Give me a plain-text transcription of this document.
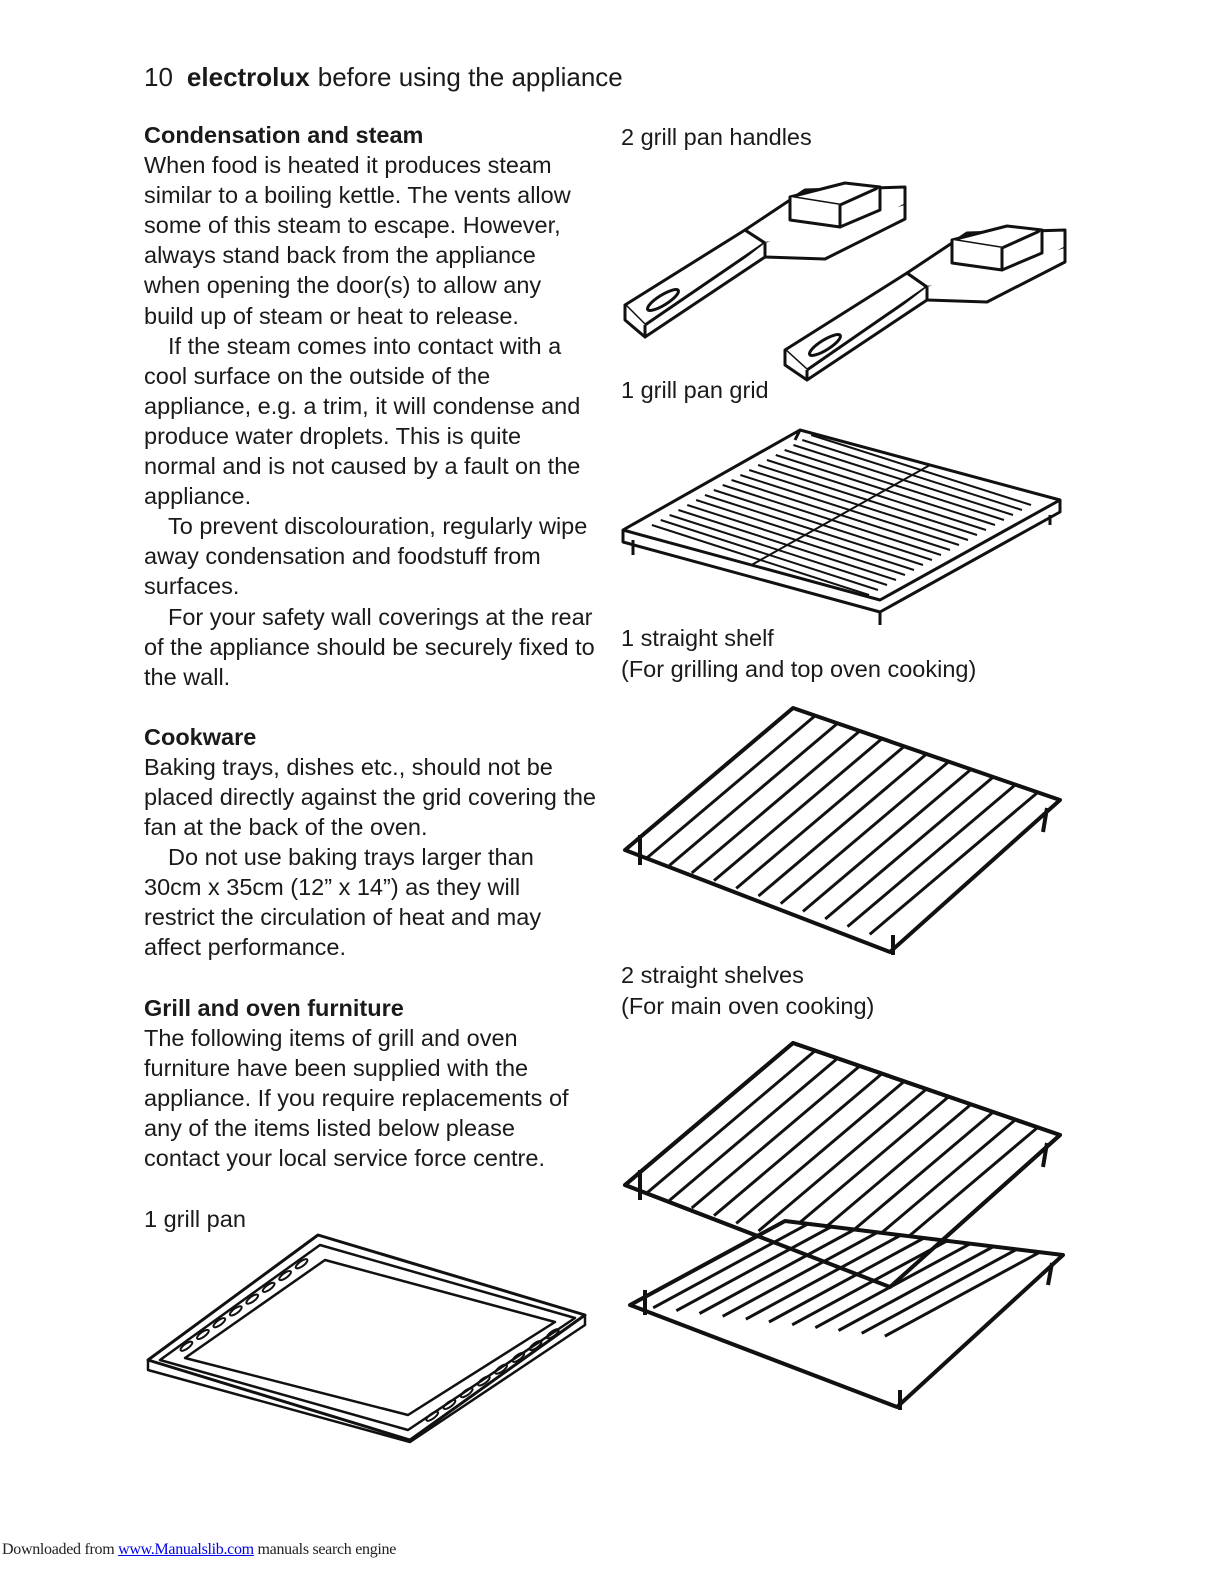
10 electrolux before using the appliance
Condensation and steam

When food is heated it produces steam similar to a boiling kettle. The vents allow some of this steam to escape. However, always stand back from the appliance when opening the door(s) to allow any build up of steam or heat to release.

If the steam comes into contact with a cool surface on the outside of the appliance, e.g. a trim, it will condense and produce water droplets. This is quite normal and is not caused by a fault on the appliance.

To prevent discolouration, regularly wipe away condensation and foodstuff from surfaces.

For your safety wall coverings at the rear of the appliance should be securely fixed to the wall.

Cookware

Baking trays, dishes etc., should not be placed directly against the grid covering the fan at the back of the oven.

Do not use baking trays larger than 30cm x 35cm (12” x 14”) as they will restrict the circulation of heat and may affect performance.

Grill and oven furniture

The following items of grill and oven furniture have been supplied with the appliance. If you require replacements of any of the items listed below please contact your local service force centre.

1 grill pan
2 grill pan handles
1 grill pan grid
1 straight shelf
(For grilling and top oven cooking)
2 straight shelves
(For main oven cooking)
Downloaded from www.Manualslib.com manuals search engine
